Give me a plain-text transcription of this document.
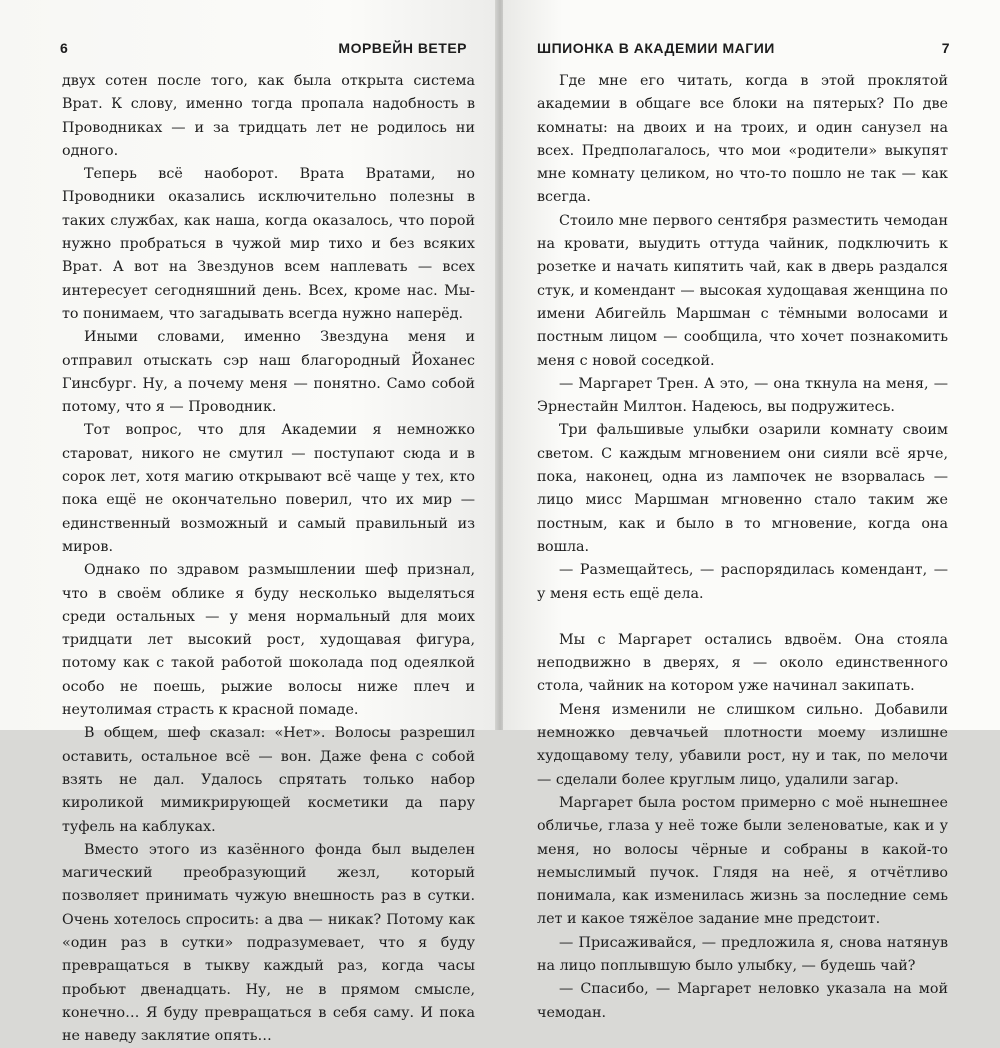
6	МОРВЕЙН ВЕТЕР

двух сотен после того, как была открыта система Врат. К слову, именно тогда пропала надобность в Проводниках — и за тридцать лет не родилось ни одного.

Теперь всё наоборот. Врата Вратами, но Проводники оказались исключительно полезны в таких службах, как наша, когда оказалось, что порой нужно пробраться в чужой мир тихо и без всяких Врат. А вот на Звездунов всем наплевать — всех интересует сегодняшний день. Всех, кроме нас. Мы-то понимаем, что загадывать всегда нужно наперёд.

Иными словами, именно Звездуна меня и отправил отыскать сэр наш благородный Йоханес Гинсбург. Ну, а почему меня — понятно. Само собой потому, что я — Проводник.

Тот вопрос, что для Академии я немножко староват, никого не смутил — поступают сюда и в сорок лет, хотя магию открывают всё чаще у тех, кто пока ещё не окончательно поверил, что их мир — единственный возможный и самый правильный из миров.

Однако по здравом размышлении шеф признал, что в своём облике я буду несколько выделяться среди остальных — у меня нормальный для моих тридцати лет высокий рост, худощавая фигура, потому как с такой работой шоколада под одеялкой особо не поешь, рыжие волосы ниже плеч и неутолимая страсть к красной помаде.

В общем, шеф сказал: «Нет». Волосы разрешил оставить, остальное всё — вон. Даже фена с собой взять не дал. Удалось спрятать только набор кироликой мимикрирующей косметики да пару туфель на каблуках.

Вместо этого из казённого фонда был выделен магический преобразующий жезл, который позволяет принимать чужую внешность раз в сутки. Очень хотелось спросить: а два — никак? Потому как «один раз в сутки» подразумевает, что я буду превращаться в тыкву каждый раз, когда часы пробьют двенадцать. Ну, не в прямом смысле, конечно… Я буду превращаться в себя саму. И пока не наведу заклятие опять…

ШПИОНКА В АКАДЕМИИ МАГИИ	7

Где мне его читать, когда в этой проклятой академии в общаге все блоки на пятерых? По две комнаты: на двоих и на троих, и один санузел на всех. Предполагалось, что мои «родители» выкупят мне комнату целиком, но что-то пошло не так — как всегда.

Стоило мне первого сентября разместить чемодан на кровати, выудить оттуда чайник, подключить к розетке и начать кипятить чай, как в дверь раздался стук, и комендант — высокая худощавая женщина по имени Абигейль Маршман с тёмными волосами и постным лицом — сообщила, что хочет познакомить меня с новой соседкой.

— Маргарет Трен. А это, — она ткнула на меня, — Эрнестайн Милтон. Надеюсь, вы подружитесь.

Три фальшивые улыбки озарили комнату своим светом. С каждым мгновением они сияли всё ярче, пока, наконец, одна из лампочек не взорвалась — лицо мисс Маршман мгновенно стало таким же постным, как и было в то мгновение, когда она вошла.

— Размещайтесь, — распорядилась комендант, — у меня есть ещё дела.

Мы с Маргарет остались вдвоём. Она стояла неподвижно в дверях, я — около единственного стола, чайник на котором уже начинал закипать.

Меня изменили не слишком сильно. Добавили немножко девчачьей плотности моему излишне худощавому телу, убавили рост, ну и так, по мелочи — сделали более круглым лицо, удалили загар.

Маргарет была ростом примерно с моё нынешнее обличье, глаза у неё тоже были зеленоватые, как и у меня, но волосы чёрные и собраны в какой-то немыслимый пучок. Глядя на неё, я отчётливо понимала, как изменилась жизнь за последние семь лет и какое тяжёлое задание мне предстоит.

— Присаживайся, — предложила я, снова натянув на лицо поплывшую было улыбку, — будешь чай?

— Спасибо, — Маргарет неловко указала на мой чемодан.
